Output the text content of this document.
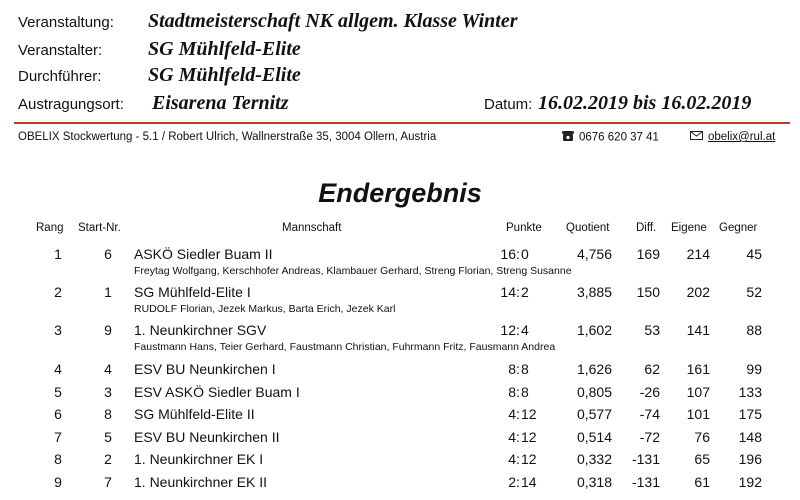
Veranstaltung: Stadtmeisterschaft NK allgem. Klasse Winter
Veranstalter: SG Mühlfeld-Elite
Durchführer: SG Mühlfeld-Elite
Austragungsort: Eisarena Ternitz	Datum: 16.02.2019 bis 16.02.2019
OBELIX Stockwertung - 5.1 / Robert Ulrich, Wallnerstraße 35, 3004 Ollern, Austria	0676 620 37 41	obelix@rul.at
Endergebnis
Rang Start-Nr.	Mannschaft	Punkte Quotient Diff. Eigene Gegner
1	6	ASKÖ Siedler Buam II	16 0	4,756	169	214	45
:
Freytag Wolfgang, Kerschhofer Andreas, Klambauer Gerhard, Streng Florian, Streng Susanne
2	1	SG Mühlfeld-Elite I	14 2	3,885	150	202	52
:
RUDOLF Florian, Jezek Markus, Barta Erich, Jezek Karl
3	9	1. Neunkirchner SGV	12 4	1,602	53	141	88
:
Faustmann Hans, Teier Gerhard, Faustmann Christian, Fuhrmann Fritz, Fausmann Andrea
4	4	ESV BU Neunkirchen I	8 8	1,626	62	161	99
:
5	3	ESV ASKÖ Siedler Buam I	8 8	0,805	-26	107	133
:
6	8	SG Mühlfeld-Elite II	4 12	0,577	-74	101	175
:
7	5	ESV BU Neunkirchen II	4 12	0,514	-72	76	148
:
8	2	1. Neunkirchner EK I	4 12	0,332	-131	65	196
:
9	7	1. Neunkirchner EK II	2 14	0,318	-131	61	192
:
